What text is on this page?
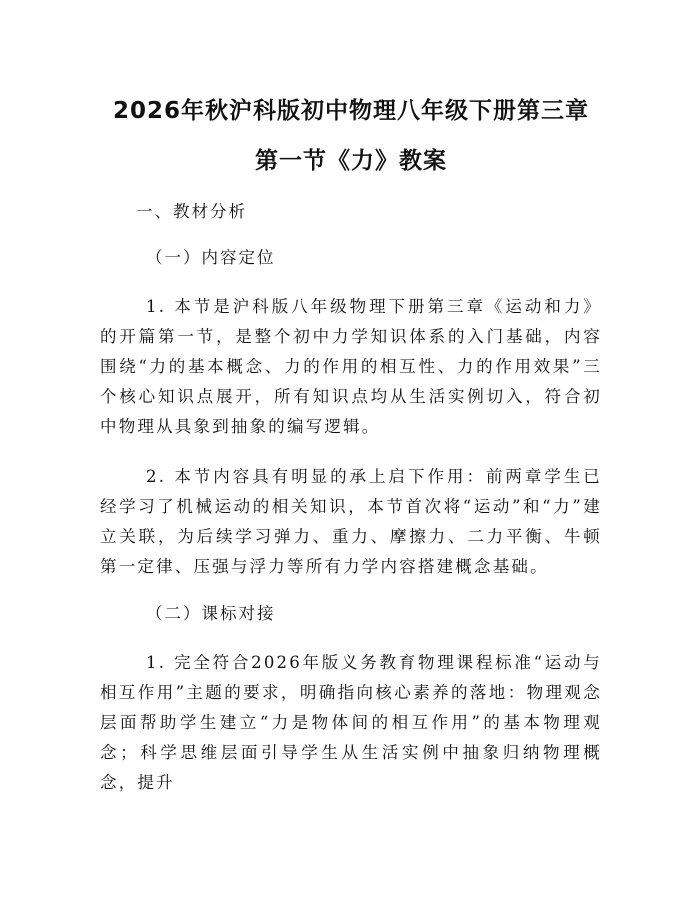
2026年秋沪科版初中物理八年级下册第三章
第一节《力》教案
一、教材分析
（一）内容定位

1. 本节是沪科版八年级物理下册第三章《运动和力》的开篇第一节，是整个初中力学知识体系的入门基础，内容围绕“力的基本概念、力的作用的相互性、力的作用效果”三个核心知识点展开，所有知识点均从生活实例切入，符合初中物理从具象到抽象的编写逻辑。

2. 本节内容具有明显的承上启下作用：前两章学生已经学习了机械运动的相关知识，本节首次将“运动”和“力”建立关联，为后续学习弹力、重力、摩擦力、二力平衡、牛顿第一定律、压强与浮力等所有力学内容搭建概念基础。

（二）课标对接

1. 完全符合2026年版义务教育物理课程标准“运动与相互作用”主题的要求，明确指向核心素养的落地：物理观念层面帮助学生建立“力是物体间的相互作用”的基本物理观念；科学思维层面引导学生从生活实例中抽象归纳物理概念，提升
